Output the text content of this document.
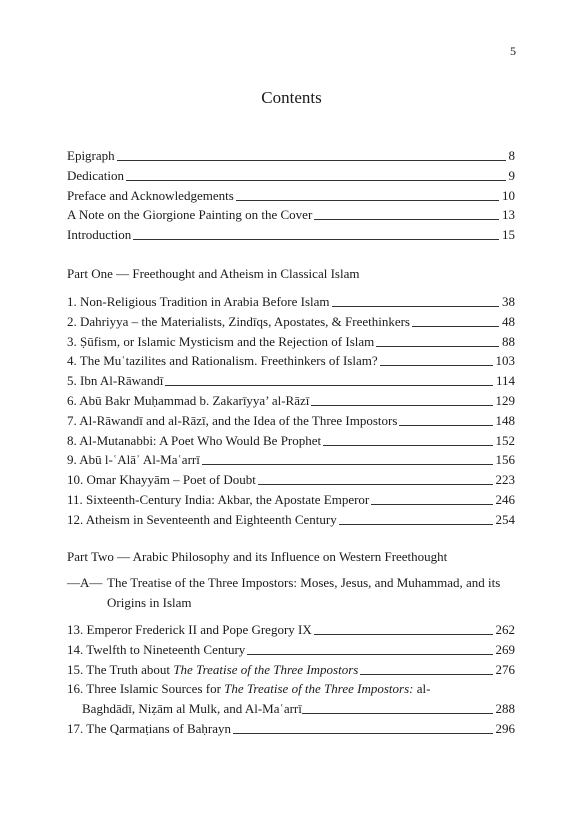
5
Contents
Epigraph	8
Dedication	9
Preface and Acknowledgements	10
A Note on the Giorgione Painting on the Cover	13
Introduction	15
Part One — Freethought and Atheism in Classical Islam
1. Non-Religious Tradition in Arabia Before Islam	38
2. Dahriyya – the Materialists, Zindīqs, Apostates, & Freethinkers	48
3. Ṣūfism, or Islamic Mysticism and the Rejection of Islam	88
4. The Muʿtazilites and Rationalism. Freethinkers of Islam?	103
5. Ibn Al-Rāwandī	114
6. Abū Bakr Muḥammad b. Zakarīyya’ al-Rāzī	129
7. Al-Rāwandī and al-Rāzī, and the Idea of the Three Impostors	148
8. Al-Mutanabbi: A Poet Who Would Be Prophet	152
9. Abū l-ʿAlāʾ Al-Maʿarrī	156
10. Omar Khayyām – Poet of Doubt	223
11. Sixteenth-Century India: Akbar, the Apostate Emperor	246
12. Atheism in Seventeenth and Eighteenth Century	254
Part Two — Arabic Philosophy and its Influence on Western Freethought
—A— The Treatise of the Three Impostors: Moses, Jesus, and Muhammad, and its Origins in Islam
13. Emperor Frederick II and Pope Gregory IX	262
14. Twelfth to Nineteenth Century	269
15. The Truth about The Treatise of the Three Impostors	276
16. Three Islamic Sources for The Treatise of the Three Impostors: al-
Baghdādī, Niẓām al Mulk, and Al-Maʿarrī	288
17. The Qarmaṭians of Baḥrayn	296
